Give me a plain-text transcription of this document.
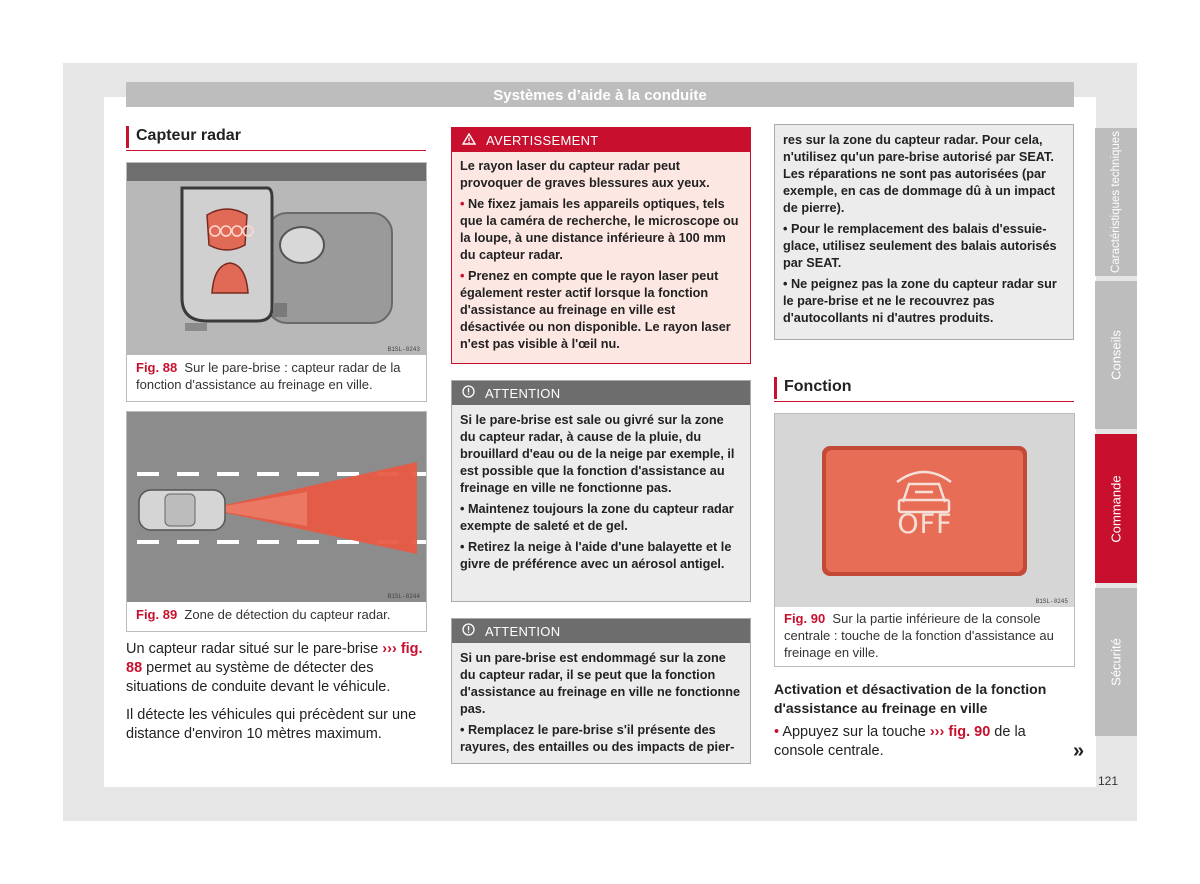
Systèmes d’aide à la conduite
Capteur radar
B1SL-0243
Fig. 88 Sur le pare-brise : capteur radar de la fonction d'assistance au freinage en ville.
B1SL-0244
Fig. 89 Zone de détection du capteur radar.
Un capteur radar situé sur le pare-brise ››› fig. 88 permet au système de détecter des situations de conduite devant le véhicule.
Il détecte les véhicules qui précèdent sur une distance d'environ 10 mètres maximum.
AVERTISSEMENT

Le rayon laser du capteur radar peut provoquer de graves blessures aux yeux.

• Ne fixez jamais les appareils optiques, tels que la caméra de recherche, le microscope ou la loupe, à une distance inférieure à 100 mm du capteur radar.

• Prenez en compte que le rayon laser peut également rester actif lorsque la fonction d'assistance au freinage en ville est désactivée ou non disponible. Le rayon laser n'est pas visible à l'œil nu.

ATTENTION

Si le pare-brise est sale ou givré sur la zone du capteur radar, à cause de la pluie, du brouillard d'eau ou de la neige par exemple, il est possible que la fonction d'assistance au freinage en ville ne fonctionne pas.

• Maintenez toujours la zone du capteur radar exempte de saleté et de gel.

• Retirez la neige à l'aide d'une balayette et le givre de préférence avec un aérosol antigel.

ATTENTION

Si un pare-brise est endommagé sur la zone du capteur radar, il se peut que la fonction d'assistance au freinage en ville ne fonctionne pas.

• Remplacez le pare-brise s'il présente des rayures, des entailles ou des impacts de pier-

res sur la zone du capteur radar. Pour cela, n'utilisez qu'un pare-brise autorisé par SEAT. Les réparations ne sont pas autorisées (par exemple, en cas de dommage dû à un impact de pierre).

• Pour le remplacement des balais d'essuie-glace, utilisez seulement des balais autorisés par SEAT.

• Ne peignez pas la zone du capteur radar sur le pare-brise et ne le recouvrez pas d'autocollants ni d'autres produits.

Fonction
OFF
B1SL-0245
Fig. 90 Sur la partie inférieure de la console centrale : touche de la fonction d'assistance au freinage en ville.
Activation et désactivation de la fonction d'assistance au freinage en ville
• Appuyez sur la touche ››› fig. 90 de la console centrale.	»
Caractéristiques techniques
Conseils
Commande
Sécurité
121
